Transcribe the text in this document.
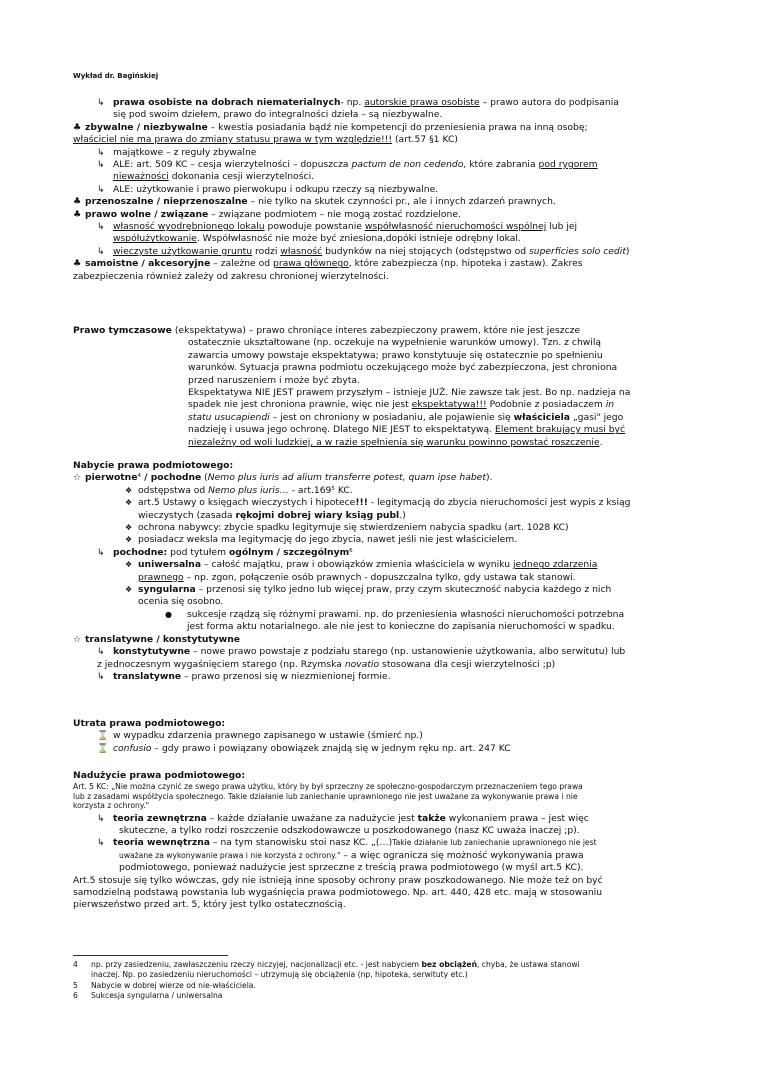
Wykład dr. Bagińskiej
↳ prawa osobiste na dobrach niematerialnych- np. autorskie prawa osobiste – prawo autora do podpisania
się pod swoim dziełem, prawo do integralności dzieła – są niezbywalne.
♣ zbywalne / niezbywalne – kwestia posiadania bądź nie kompetencji do przeniesienia prawa na inną osobę;
właściciel nie ma prawa do zmiany statusu prawa w tym względzie!!! (art.57 §1 KC)
↳ majątkowe – z reguły zbywalne
↳ ALE: art. 509 KC – cesja wierzytelności – dopuszcza pactum de non cedendo, które zabrania pod rygorem
nieważności dokonania cesji wierzytelności.
↳ ALE: użytkowanie i prawo pierwokupu i odkupu rzeczy są niezbywalne.
♣ przenoszalne / nieprzenoszalne – nie tylko na skutek czynności pr., ale i innych zdarzeń prawnych.
♣ prawo wolne / związane – związane podmiotem – nie mogą zostać rozdzielone.
↳ własność wyodrębnionego lokalu powoduje powstanie współwłasność nieruchomości wspólnej lub jej
współużytkowanie. Współwłasność nie może być zniesiona,dopóki istnieje odrębny lokal.
↳ wieczyste użytkowanie gruntu rodzi własność budynków na niej stojących (odstępstwo od superficies solo cedit)
♣ samoistne / akcesoryjne – zależne od prawa głównego, które zabezpiecza (np. hipoteka i zastaw). Zakres
zabezpieczenia również zależy od zakresu chronionej wierzytelności.
Prawo tymczasowe (ekspektatywa) – prawo chroniące interes zabezpieczony prawem, które nie jest jeszcze
ostatecznie ukształtowane (np. oczekuje na wypełnienie warunków umowy). Tzn. z chwilą
zawarcia umowy powstaje ekspektatywa; prawo konstytuuje się ostatecznie po spełnieniu
warunków. Sytuacja prawna podmiotu oczekującego może być zabezpieczona, jest chroniona
przed naruszeniem i może być zbyta.
Ekspektatywa NIE JEST prawem przyszłym – istnieje JUŻ. Nie zawsze tak jest. Bo np. nadzieja na
spadek nie jest chroniona prawnie, więc nie jest ekspektatywą!!! Podobnie z posiadaczem in
statu usucapiendi – jest on chroniony w posiadaniu, ale pojawienie się właściciela „gasi" jego
nadzieję i usuwa jego ochronę. Dlatego NIE JEST to ekspektatywą. Element brakujący musi być
niezależny od woli ludzkiej, a w razie spełnienia się warunku powinno powstać roszczenie.
Nabycie prawa podmiotowego:
☆ pierwotne$^4$ / pochodne (Nemo plus iuris ad alium transferre potest, quam ipse habet).
❖ odstępstwa od Nemo plus iuris… - art.169$^5$ KC.
❖ art.5 Ustawy o księgach wieczystych i hipotece!!! - legitymacją do zbycia nieruchomości jest wypis z ksiąg
wieczystych (zasada rękojmi dobrej wiary ksiąg publ.)
❖ ochrona nabywcy: zbycie spadku legitymuje się stwierdzeniem nabycia spadku (art. 1028 KC)
❖ posiadacz weksla ma legitymację do jego zbycia, nawet jeśli nie jest właścicielem.
↳ pochodne: pod tytułem ogólnym / szczególnym$^6$
❖ uniwersalna – całość majątku, praw i obowiązków zmienia właściciela w wyniku jednego zdarzenia
prawnego – np. zgon, połączenie osób prawnych - dopuszczalna tylko, gdy ustawa tak stanowi.
❖ syngularna – przenosi się tylko jedno lub więcej praw, przy czym skuteczność nabycia każdego z nich
ocenia się osobno.
● sukcesje rządzą się różnymi prawami. np. do przeniesienia własności nieruchomości potrzebna
jest forma aktu notarialnego. ale nie jest to konieczne do zapisania nieruchomości w spadku.
☆ translatywne / konstytutywne
↳ konstytutywne – nowe prawo powstaje z podziału starego (np. ustanowienie użytkowania, albo serwitutu) lub
z jednoczesnym wygaśnięciem starego (np. Rzymska novatio stosowana dla cesji wierzytelności ;p)
↳ translatywne – prawo przenosi się w niezmienionej formie.
Utrata prawa podmiotowego:
⌛ w wypadku zdarzenia prawnego zapisanego w ustawie (śmierć np.)
⌛ confusio – gdy prawo i powiązany obowiązek znajdą się w jednym ręku np. art. 247 KC
Nadużycie prawa podmiotowego:
Art. 5 KC: „Nie można czynić ze swego prawa użytku, który by był sprzeczny ze społeczno-gospodarczym przeznaczeniem tego prawa
lub z zasadami współżycia społecznego. Takie działanie lub zaniechanie uprawnionego nie jest uważane za wykonywanie prawa i nie
korzysta z ochrony."
↳ teoria zewnętrzna – każde działanie uważane za nadużycie jest także wykonaniem prawa – jest więc
skuteczne, a tylko rodzi roszczenie odszkodowawcze u poszkodowanego (nasz KC uważa inaczej ;p).
↳ teoria wewnętrzna – na tym stanowisku stoi nasz KC. „(…)Takie działanie lub zaniechanie uprawnionego nie jest
uważane za wykonywanie prawa i nie korzysta z ochrony." – a więc ogranicza się możność wykonywania prawa
podmiotowego, ponieważ nadużycie jest sprzeczne z treścią prawa podmiotowego (w myśl art.5 KC).
Art.5 stosuje się tylko wówczas, gdy nie istnieją inne sposoby ochrony praw poszkodowanego. Nie może też on być
samodzielną podstawą powstania lub wygaśnięcia prawa podmiotowego. Np. art. 440, 428 etc. mają w stosowaniu
pierwszeństwo przed art. 5, który jest tylko ostatecznością.
4 np. przy zasiedzeniu, zawłaszczeniu rzeczy niczyjej, nacjonalizacji etc. - jest nabyciem bez obciążeń, chyba, że ustawa stanowi
inaczej. Np. po zasiedzeniu nieruchomości – utrzymują się obciążenia (np, hipoteka, serwituty etc.)
5 Nabycie w dobrej wierze od nie-właściciela.
6 Sukcesja syngularna / uniwersalna
